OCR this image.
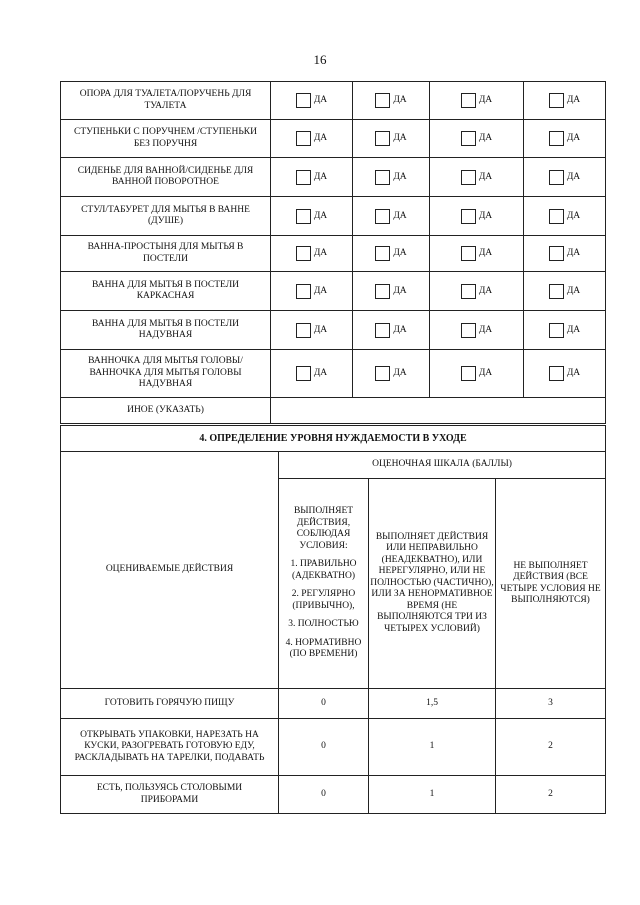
16
ОПОРА ДЛЯ ТУАЛЕТА/ПОРУЧЕНЬ ДЛЯ ТУАЛЕТА	ДА	ДА	ДА	ДА
СТУПЕНЬКИ С ПОРУЧНЕМ /СТУПЕНЬКИ БЕЗ ПОРУЧНЯ	ДА	ДА	ДА	ДА
СИДЕНЬЕ ДЛЯ ВАННОЙ/СИДЕНЬЕ ДЛЯ ВАННОЙ ПОВОРОТНОЕ	ДА	ДА	ДА	ДА
СТУЛ/ТАБУРЕТ ДЛЯ МЫТЬЯ В ВАННЕ (ДУШЕ)	ДА	ДА	ДА	ДА
ВАННА-ПРОСТЫНЯ ДЛЯ МЫТЬЯ В ПОСТЕЛИ	ДА	ДА	ДА	ДА
ВАННА ДЛЯ МЫТЬЯ В ПОСТЕЛИ КАРКАСНАЯ	ДА	ДА	ДА	ДА
ВАННА ДЛЯ МЫТЬЯ В ПОСТЕЛИ НАДУВНАЯ	ДА	ДА	ДА	ДА
ВАННОЧКА ДЛЯ МЫТЬЯ ГОЛОВЫ/ ВАННОЧКА ДЛЯ МЫТЬЯ ГОЛОВЫ НАДУВНАЯ	ДА	ДА	ДА	ДА
ИНОЕ (УКАЗАТЬ)				
4. ОПРЕДЕЛЕНИЕ УРОВНЯ НУЖДАЕМОСТИ В УХОДЕ			
ОЦЕНИВАЕМЫЕ ДЕЙСТВИЯ	ОЦЕНОЧНАЯ ШКАЛА (БАЛЛЫ)		

	ВЫПОЛНЯЕТ ДЕЙСТВИЯ, СОБЛЮДАЯ УСЛОВИЯ:

1. ПРАВИЛЬНО (АДЕКВАТНО)

2. РЕГУЛЯРНО (ПРИВЫЧНО),

3. ПОЛНОСТЬЮ

4. НОРМАТИВНО (ПО ВРЕМЕНИ)	ВЫПОЛНЯЕТ ДЕЙСТВИЯ ИЛИ НЕПРАВИЛЬНО (НЕАДЕКВАТНО), ИЛИ НЕРЕГУЛЯРНО, ИЛИ НЕ ПОЛНОСТЬЮ (ЧАСТИЧНО), ИЛИ ЗА НЕНОРМАТИВНОЕ ВРЕМЯ (НЕ ВЫПОЛНЯЮТСЯ ТРИ ИЗ ЧЕТЫРЕХ УСЛОВИЙ)	НЕ ВЫПОЛНЯЕТ ДЕЙСТВИЯ (ВСЕ ЧЕТЫРЕ УСЛОВИЯ НЕ ВЫПОЛНЯЮТСЯ)
ГОТОВИТЬ ГОРЯЧУЮ ПИЩУ	0	1,5	3
ОТКРЫВАТЬ УПАКОВКИ, НАРЕЗАТЬ НА КУСКИ, РАЗОГРЕВАТЬ ГОТОВУЮ ЕДУ, РАСКЛАДЫВАТЬ НА ТАРЕЛКИ, ПОДАВАТЬ	0	1	2
ЕСТЬ, ПОЛЬЗУЯСЬ СТОЛОВЫМИ ПРИБОРАМИ	0	1	2
